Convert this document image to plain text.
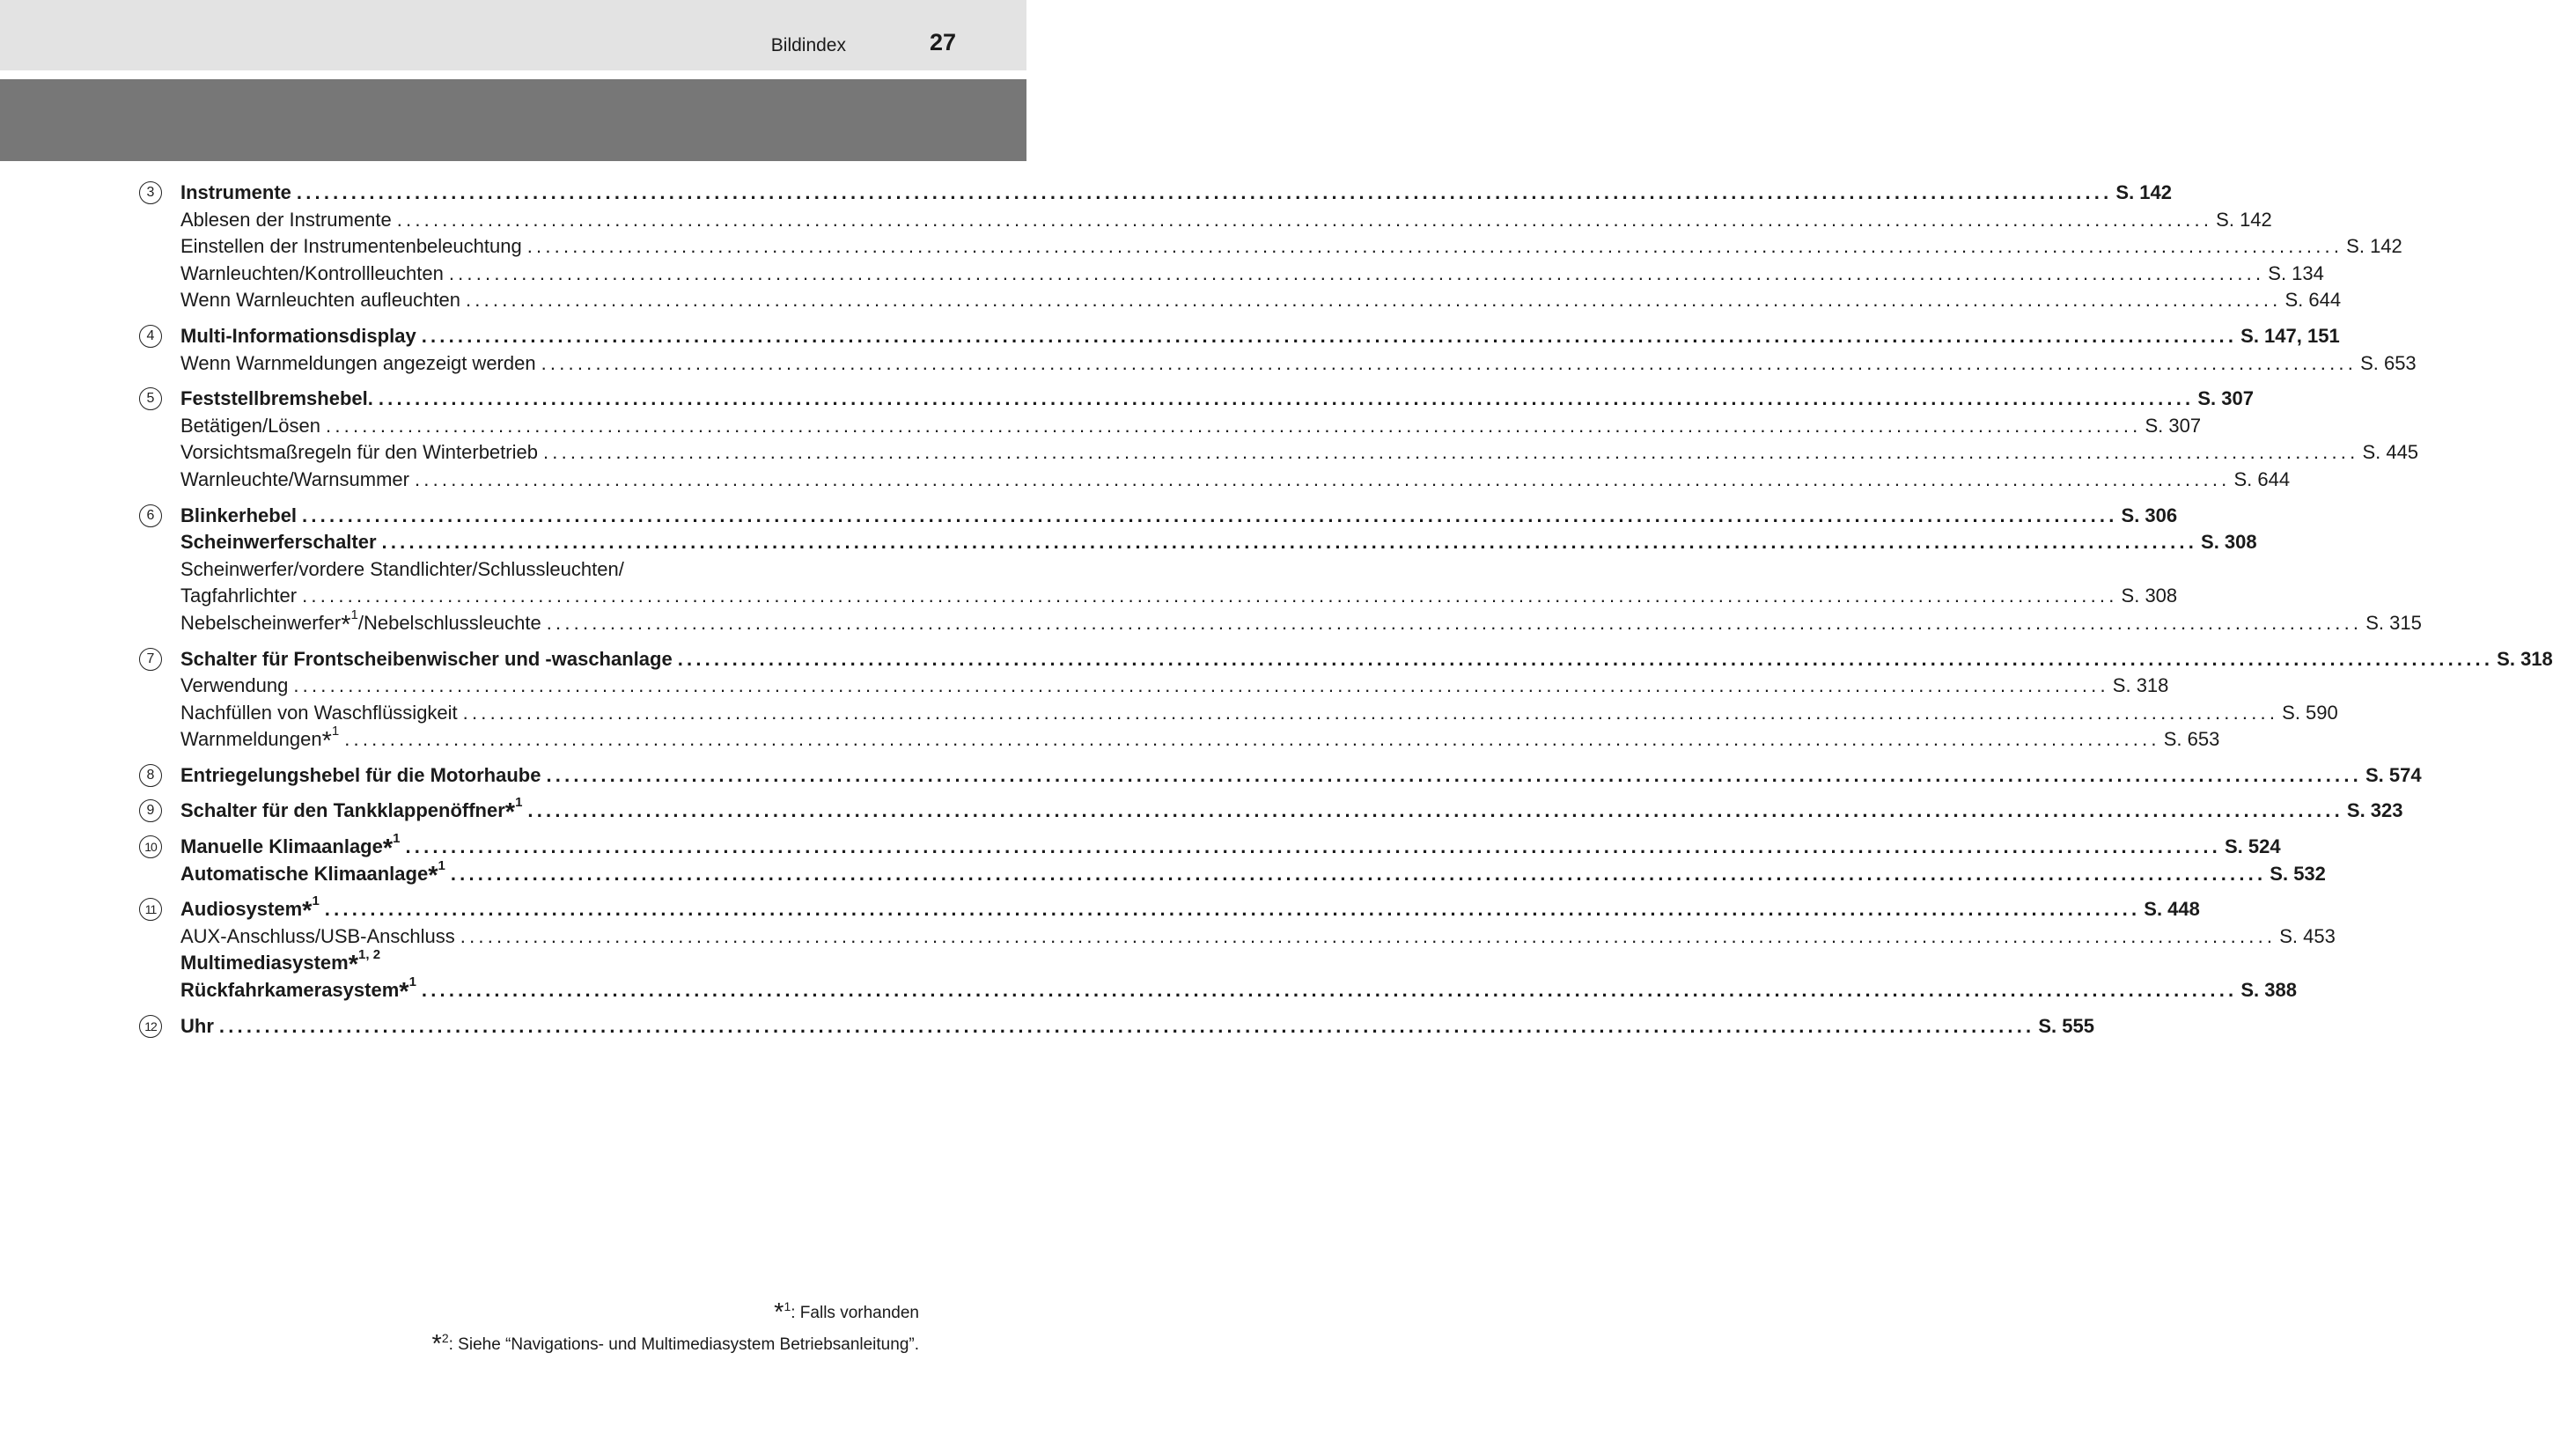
Bildindex	27
3	Instrumente ........................................................................................................................................................................................................ S. 142
Ablesen der Instrumente ........................................................................................................................................................................................................ S. 142
Einstellen der Instrumentenbeleuchtung ........................................................................................................................................................................................................ S. 142
Warnleuchten/Kontrollleuchten ........................................................................................................................................................................................................ S. 134
Wenn Warnleuchten aufleuchten ........................................................................................................................................................................................................ S. 644
4	Multi-Informationsdisplay ........................................................................................................................................................................................................ S. 147, 151
Wenn Warnmeldungen angezeigt werden ........................................................................................................................................................................................................ S. 653
5	Feststellbremshebel. ........................................................................................................................................................................................................ S. 307
Betätigen/Lösen ........................................................................................................................................................................................................ S. 307
Vorsichtsmaßregeln für den Winterbetrieb ........................................................................................................................................................................................................ S. 445
Warnleuchte/Warnsummer ........................................................................................................................................................................................................ S. 644
6	Blinkerhebel ........................................................................................................................................................................................................ S. 306
Scheinwerferschalter ........................................................................................................................................................................................................ S. 308
Scheinwerfer/vordere Standlichter/Schlussleuchten/
Tagfahrlichter ........................................................................................................................................................................................................ S. 308
Nebelscheinwerfer*$^1$/Nebelschlussleuchte ........................................................................................................................................................................................................ S. 315
7	Schalter für Frontscheibenwischer und -waschanlage ........................................................................................................................................................................................................ S. 318
Verwendung ........................................................................................................................................................................................................ S. 318
Nachfüllen von Waschflüssigkeit ........................................................................................................................................................................................................ S. 590
Warnmeldungen*$^1$ ........................................................................................................................................................................................................ S. 653
8	Entriegelungshebel für die Motorhaube ........................................................................................................................................................................................................ S. 574
9	Schalter für den Tankklappenöffner*$^1$ ........................................................................................................................................................................................................ S. 323
10 Manuelle Klimaanlage*$^1$ ........................................................................................................................................................................................................ S. 524
Automatische Klimaanlage*$^1$ ........................................................................................................................................................................................................ S. 532
11	Audiosystem*$^1$ ........................................................................................................................................................................................................ S. 448
AUX-Anschluss/USB-Anschluss ........................................................................................................................................................................................................ S. 453
Multimediasystem*$^{1, 2}$
Rückfahrkamerasystem*$^1$ ........................................................................................................................................................................................................ S. 388
12 Uhr ........................................................................................................................................................................................................ S. 555
*$^1$: Falls vorhanden
*$^2$: Siehe “Navigations- und Multimediasystem Betriebsanleitung”.
